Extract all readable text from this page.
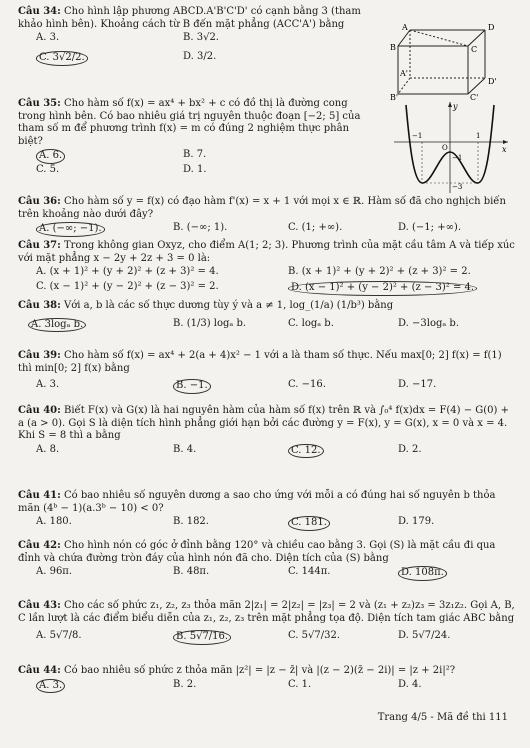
Câu 34: Cho hình lập phương ABCD.A'B'C'D' có cạnh bằng 3 (tham khảo hình bên). Khoảng cách từ B đến mặt phẳng (ACC'A') bằng

A. 3.	B. 3√2.
C. 3√2/2.	D. 3/2.
A
B	C
D
A'
B'	C'
D'

Câu 35: Cho hàm số f(x) = ax⁴ + bx² + c có đồ thị là đường cong trong hình bên. Có bao nhiêu giá trị nguyên thuộc đoạn [−2; 5] của tham số m để phương trình f(x) = m có đúng 2 nghiệm thực phân biệt?

A. 6.	B. 7.
C. 5.	D. 1.
y
x
O
−1	1
−1
−3

Câu 36: Cho hàm số y = f(x) có đạo hàm f'(x) = x + 1 với mọi x ∈ ℝ. Hàm số đã cho nghịch biến trên khoảng nào dưới đây?

A. (−∞; −1).	B. (−∞; 1).	C. (1; +∞).	D. (−1; +∞).

Câu 37: Trong không gian Oxyz, cho điểm A(1; 2; 3). Phương trình của mặt cầu tâm A và tiếp xúc với mặt phẳng x − 2y + 2z + 3 = 0 là:

A. (x + 1)² + (y + 2)² + (z + 3)² = 4.	B. (x + 1)² + (y + 2)² + (z + 3)² = 2.
C. (x − 1)² + (y − 2)² + (z − 3)² = 2.	D. (x − 1)² + (y − 2)² + (z − 3)² = 4.

Câu 38: Với a, b là các số thực dương tùy ý và a ≠ 1, log_(1/a) (1/b³) bằng

A. 3logₐ b.	B. (1/3) logₐ b.	C. logₐ b.	D. −3logₐ b.

Câu 39: Cho hàm số f(x) = ax⁴ + 2(a + 4)x² − 1 với a là tham số thực. Nếu max[0; 2] f(x) = f(1) thì min[0; 2] f(x) bằng

A. 3.	B. −1.	C. −16.	D. −17.

Câu 40: Biết F(x) và G(x) là hai nguyên hàm của hàm số f(x) trên ℝ và ∫₀⁴ f(x)dx = F(4) − G(0) + a (a > 0). Gọi S là diện tích hình phẳng giới hạn bởi các đường y = F(x), y = G(x), x = 0 và x = 4. Khi S = 8 thì a bằng

A. 8.	B. 4.	C. 12.	D. 2.

Câu 41: Có bao nhiêu số nguyên dương a sao cho ứng với mỗi a có đúng hai số nguyên b thỏa mãn (4ᵇ − 1)(a.3ᵇ − 10) < 0?

A. 180.	B. 182.	C. 181.	D. 179.

Câu 42: Cho hình nón có góc ở đỉnh bằng 120° và chiều cao bằng 3. Gọi (S) là mặt cầu đi qua đỉnh và chứa đường tròn đáy của hình nón đã cho. Diện tích của (S) bằng

A. 96π.	B. 48π.	C. 144π.	D. 108π.

Câu 43: Cho các số phức z₁, z₂, z₃ thỏa mãn 2|z₁| = 2|z₂| = |z₃| = 2 và (z₁ + z₂)z₃ = 3z₁z₂. Gọi A, B, C lần lượt là các điểm biểu diễn của z₁, z₂, z₃ trên mặt phẳng tọa độ. Diện tích tam giác ABC bằng

A. 5√7/8.	B. 5√7/16.	C. 5√7/32.	D. 5√7/24.

Câu 44: Có bao nhiêu số phức z thỏa mãn |z²| = |z − z̄| và |(z − 2)(z̄ − 2i)| = |z + 2i|²?

A. 3.	B. 2.	C. 1.	D. 4.
Trang 4/5 - Mã đề thi 111
